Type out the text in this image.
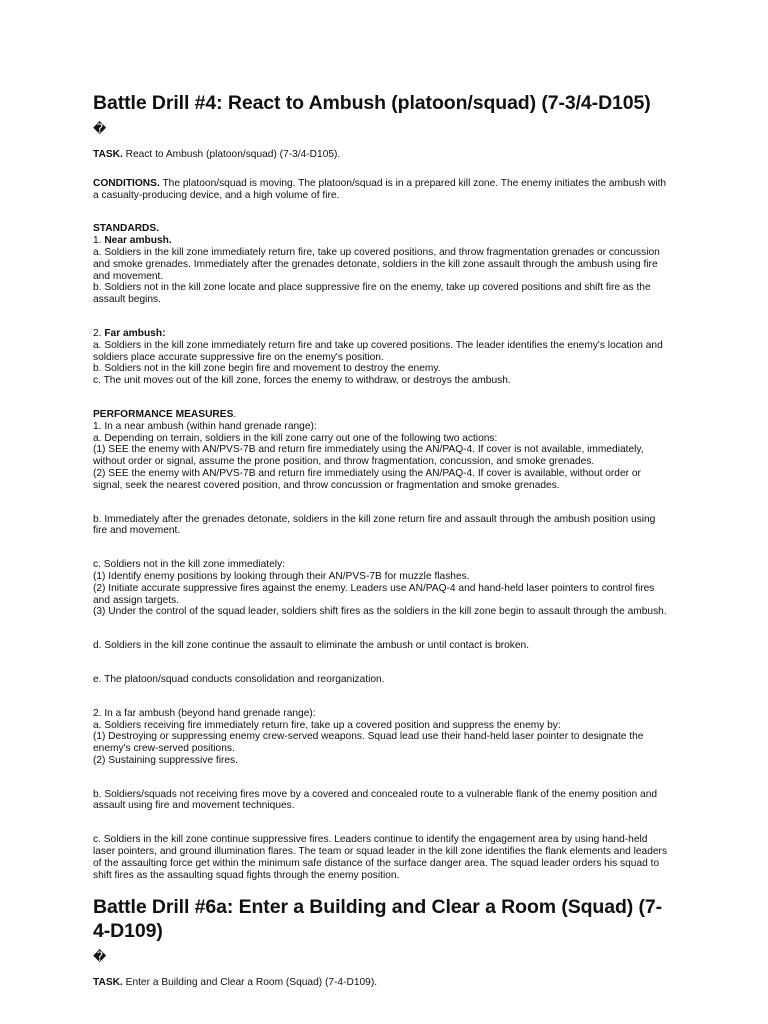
Battle Drill #4: React to Ambush (platoon/squad) (7-3/4-D105)
�

TASK. React to Ambush (platoon/squad) (7-3/4-D105).

CONDITIONS. The platoon/squad is moving. The platoon/squad is in a prepared kill zone. The enemy initiates the ambush with
a casualty-producing device, and a high volume of fire.

STANDARDS.
1. Near ambush.
a. Soldiers in the kill zone immediately return fire, take up covered positions, and throw fragmentation grenades or concussion
and smoke grenades. Immediately after the grenades detonate, soldiers in the kill zone assault through the ambush using fire
and movement.
b. Soldiers not in the kill zone locate and place suppressive fire on the enemy, take up covered positions and shift fire as the
assault begins.
2. Far ambush:
a. Soldiers in the kill zone immediately return fire and take up covered positions. The leader identifies the enemy's location and
soldiers place accurate suppressive fire on the enemy's position.
b. Soldiers not in the kill zone begin fire and movement to destroy the enemy.
c. The unit moves out of the kill zone, forces the enemy to withdraw, or destroys the ambush.
PERFORMANCE MEASURES.
1. In a near ambush (within hand grenade range):
a. Depending on terrain, soldiers in the kill zone carry out one of the following two actions:
(1) SEE the enemy with AN/PVS-7B and return fire immediately using the AN/PAQ-4. If cover is not available, immediately,
without order or signal, assume the prone position, and throw fragmentation, concussion, and smoke grenades.
(2) SEE the enemy with AN/PVS-7B and return fire immediately using the AN/PAQ-4. If cover is available, without order or
signal, seek the nearest covered position, and throw concussion or fragmentation and smoke grenades.

b. Immediately after the grenades detonate, soldiers in the kill zone return fire and assault through the ambush position using
fire and movement.

c. Soldiers not in the kill zone immediately:
(1) Identify enemy positions by looking through their AN/PVS-7B for muzzle flashes.
(2) Initiate accurate suppressive fires against the enemy. Leaders use AN/PAQ-4 and hand-held laser pointers to control fires
and assign targets.
(3) Under the control of the squad leader, soldiers shift fires as the soldiers in the kill zone begin to assault through the ambush.

d. Soldiers in the kill zone continue the assault to eliminate the ambush or until contact is broken.

e. The platoon/squad conducts consolidation and reorganization.

2. In a far ambush (beyond hand grenade range):
a. Soldiers receiving fire immediately return fire, take up a covered position and suppress the enemy by:
(1) Destroying or suppressing enemy crew-served weapons. Squad lead use their hand-held laser pointer to designate the
enemy's crew-served positions.
(2) Sustaining suppressive fires.

b. Soldiers/squads not receiving fires move by a covered and concealed route to a vulnerable flank of the enemy position and
assault using fire and movement techniques.

c. Soldiers in the kill zone continue suppressive fires. Leaders continue to identify the engagement area by using hand-held
laser pointers, and ground illumination flares. The team or squad leader in the kill zone identifies the flank elements and leaders
of the assaulting force get within the minimum safe distance of the surface danger area. The squad leader orders his squad to
shift fires as the assaulting squad fights through the enemy position.

Battle Drill #6a: Enter a Building and Clear a Room (Squad) (7-
4-D109)
�

TASK. Enter a Building and Clear a Room (Squad) (7-4-D109).
